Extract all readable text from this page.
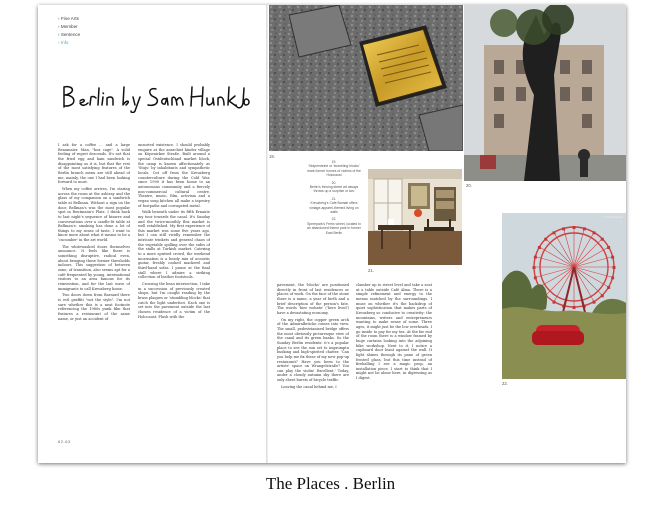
› Fine Arts
› Member
› Sentence
› Info

I ask for a coffee ... and a large Beaumaier. Man, "box cage". A solid feeling of regret descends. It's not that the fried egg and ham sandwich is disappointing as it is, but that the rest of the most satisfying features of the Berlin branch menu are still ahead of me, mainly, the one I had been looking forward to most.

When my coffee arrives, I'm staring across the room at the ashtray and the glass of my companion on a sandwich table at Bellman. Without a sign on the door, Bellman's was the most popular spot in Reutmann's Platz. I think back to last night's sequence of bizarre and conversations over a candle-lit table at Bellman's: smoking has done a lot of things to my sense of taste, I want to know more about what it means to be a 'cucumber' in the art world.

The whitewashed doors themselves announce. It feels like there is something disruptive, radical even, about bringing these former thresholds indoors. This suggestion of between zone, of transition, also seems apt for a café frequented by young, international visitors to an area famous for its reinvention, and for the last wave of immigrants to call Kreuzberg home.

Two doors down from Barnard there is evil graffiti "not the style". I'm not sure whether this is a neat footnote referencing the 1980s punk film that features a restaurant of the same name, or just an accident of

unsorted existence. I should probably enquire at the anarchist kinder village on Köpenicker Straße. Built around a special Ostdeutschland market block, the camp is known affectionately as 'Stuju' by inhabitants and sympathetic locals. Cut off from the Kreuzberg counterculture during the Cold War, since 1990 it has been home to an autonomous community and a fiercely non-commercial cultural centre. Theatre, music, film, activism and a vegan soup kitchen all make a tapestry of footpaths and corrugated metal.

Walk beneath under its fifth Ernante my tour towards the canal. It's Sunday and the twice-monthly flea market is well established. My first experience of this market was some five years ago, but I can still vividly remember the intricate trinkets and general chaos of the vegetable spilling over the sides of the stalls at Turkish market. Catering to a more spirited crowd, the weekend incarnation is a heady mix of acoustic guitar, freshly cooked mackerel and third-hand sofas. I pause at the final stall where I admire a striking collection of leather footstools.

Crossing the bean intersection, I take in a succession of previously created shops, but I'm caught reading by the brass plaques or 'stumbling blocks' that catch the light underfoot. Each one is set into the pavement outside the last chosen residence of a victim of the Holocaust. Flush with the

pavement, the 'blocks' are positioned directly in front of last residences or places of work. On the face of the stone there is a name, a year of birth and a brief description of the person's fate. The words 'hier wohnte' ('here lived') have a devastating economy.

On my right, the copper green arch of the Admiralbrücke comes into view. The small, pedestrianised bridge offers the most obviously picturesque view of the canal and its green banks. So the Sunday Berlin residents: it's a popular place to see the sun set to impromptu busking and high-spirited chatter. 'Can you help me fix these of my new pop-up restaurant? Have you been to the artists' space on Wrangelstraße? You can play the violin! Excellent.' Today, under a cloudy autumn sky there are only sheet bursts of bicycle traffic.

Leaving the canal behind me, I

clamber up to street level and take a seat at a table outside Café Alma. There is a simple refinement and energy to the menus matched by the surroundings. I muse on whether it's the backdrop of quiet sophistication that makes parts of Kreuzberg so conducive to creativity: the mountains, writers and entrepreneurs wanting to make sense of some. Three ages, it might just be the low overheads. I go inside to pay for my tea. At the far end of the room there is a window framed by huge curtains looking into the adjoining bike workshop. Next to it, I notice a cupboard door leant against the wall. It light shines through its pane of green frosted glass, but this time instead of fireballing I see a magic prop, an installation piece. I start to think that I might not be alone here, in digressing as I digest.

62-63
19.
19.
Stolpersteine or 'stumbling blocks' mark former homes of victims of the Holocaust
20.
Berlin's thriving street art always throws up a surprise or two
21.
Kreuzberg's Café Bamati offers vintage-apparel-themed living on walls
22.
Spreepark's Ferris wheel, located in an abandoned theme park in former East Berlin
21.
20.
© Iconic Photos
22.
The Places . Berlin
